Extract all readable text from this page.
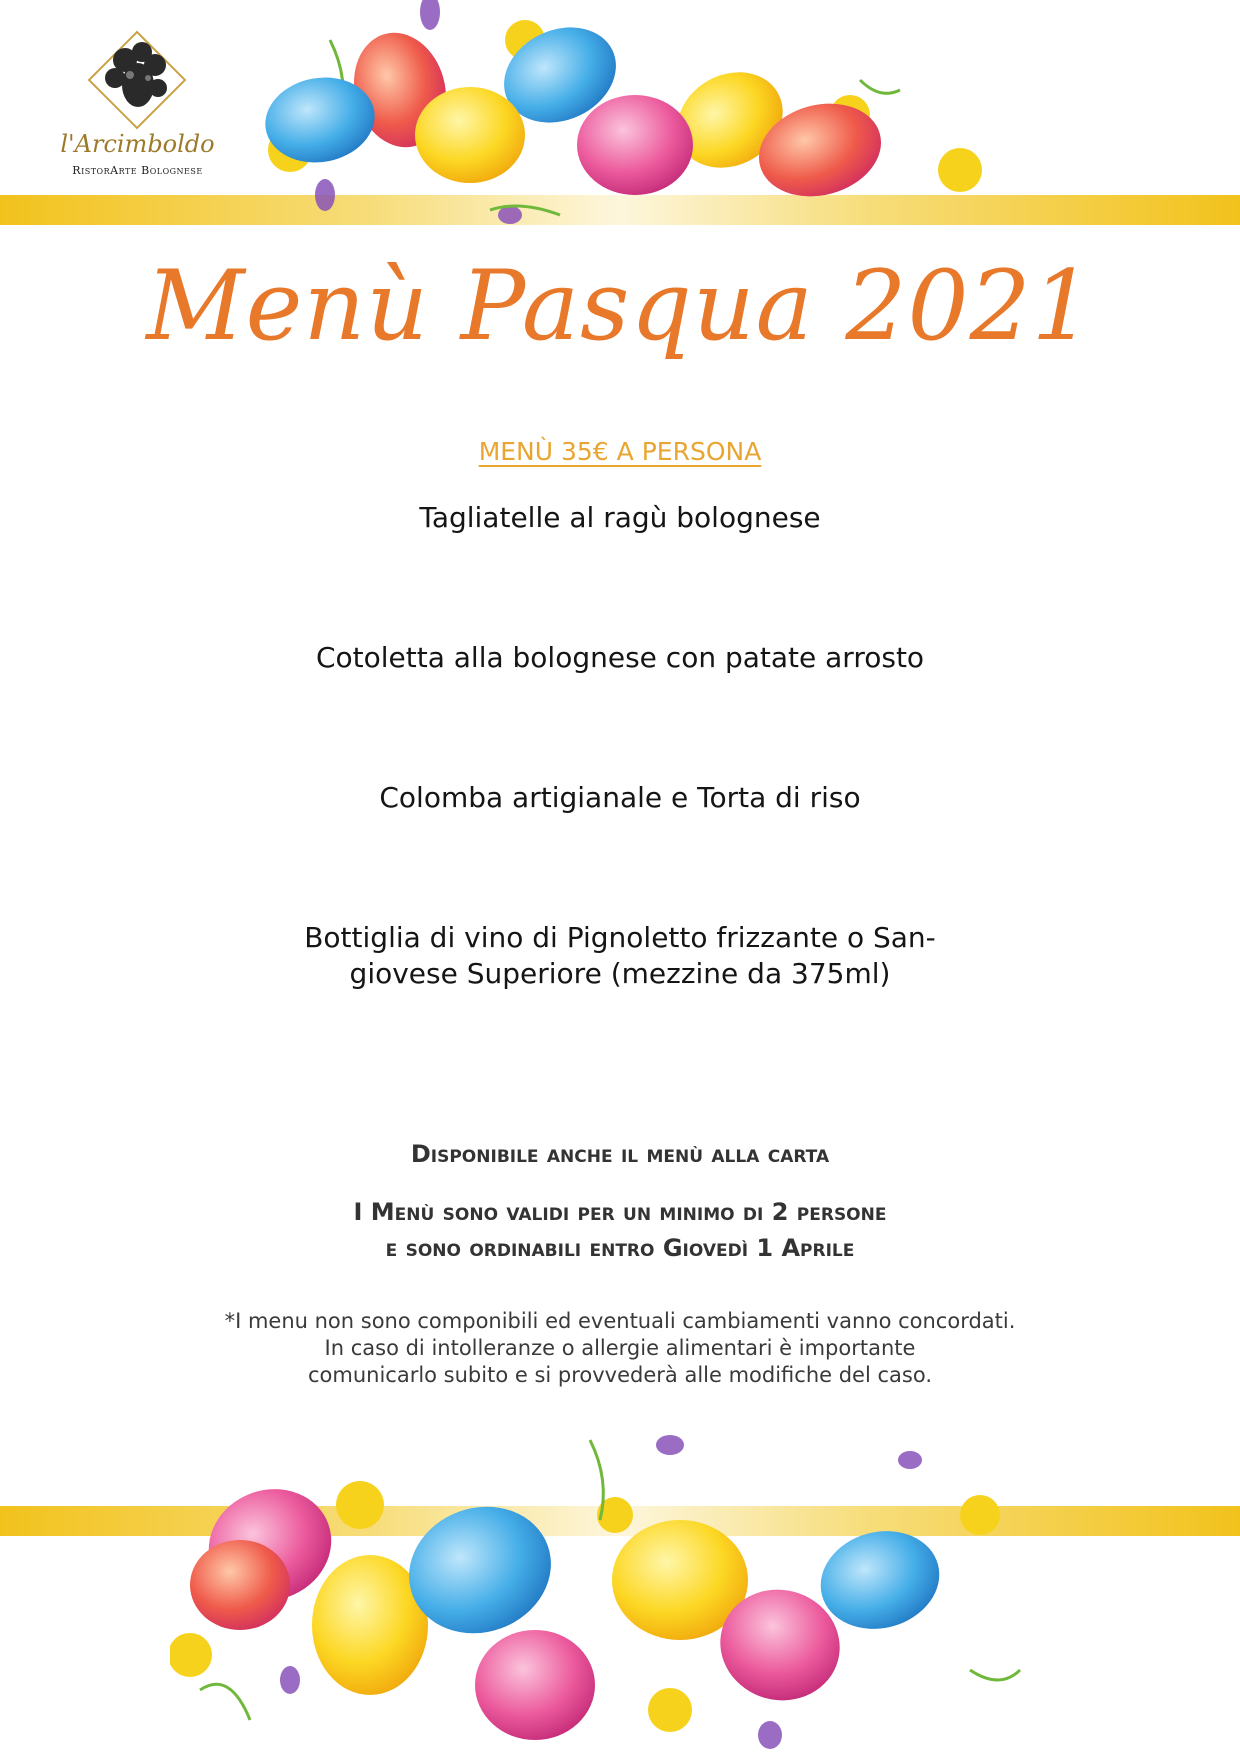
l'Arcimboldo
RistorArte Bolognese
Menù Pasqua 2021
MENÙ 35€ A PERSONA
Tagliatelle al ragù bolognese
Cotoletta alla bolognese con patate arrosto
Colomba artigianale e Torta di riso
Bottiglia di vino di Pignoletto frizzante o San-
giovese Superiore (mezzine da 375ml)
Disponibile anche il menù alla carta
I Menù sono validi per un minimo di 2 persone
e sono ordinabili entro Giovedì 1 Aprile
*I menu non sono componibili ed eventuali cambiamenti vanno concordati.
In caso di intolleranze o allergie alimentari è importante
comunicarlo subito e si provvederà alle modifiche del caso.
